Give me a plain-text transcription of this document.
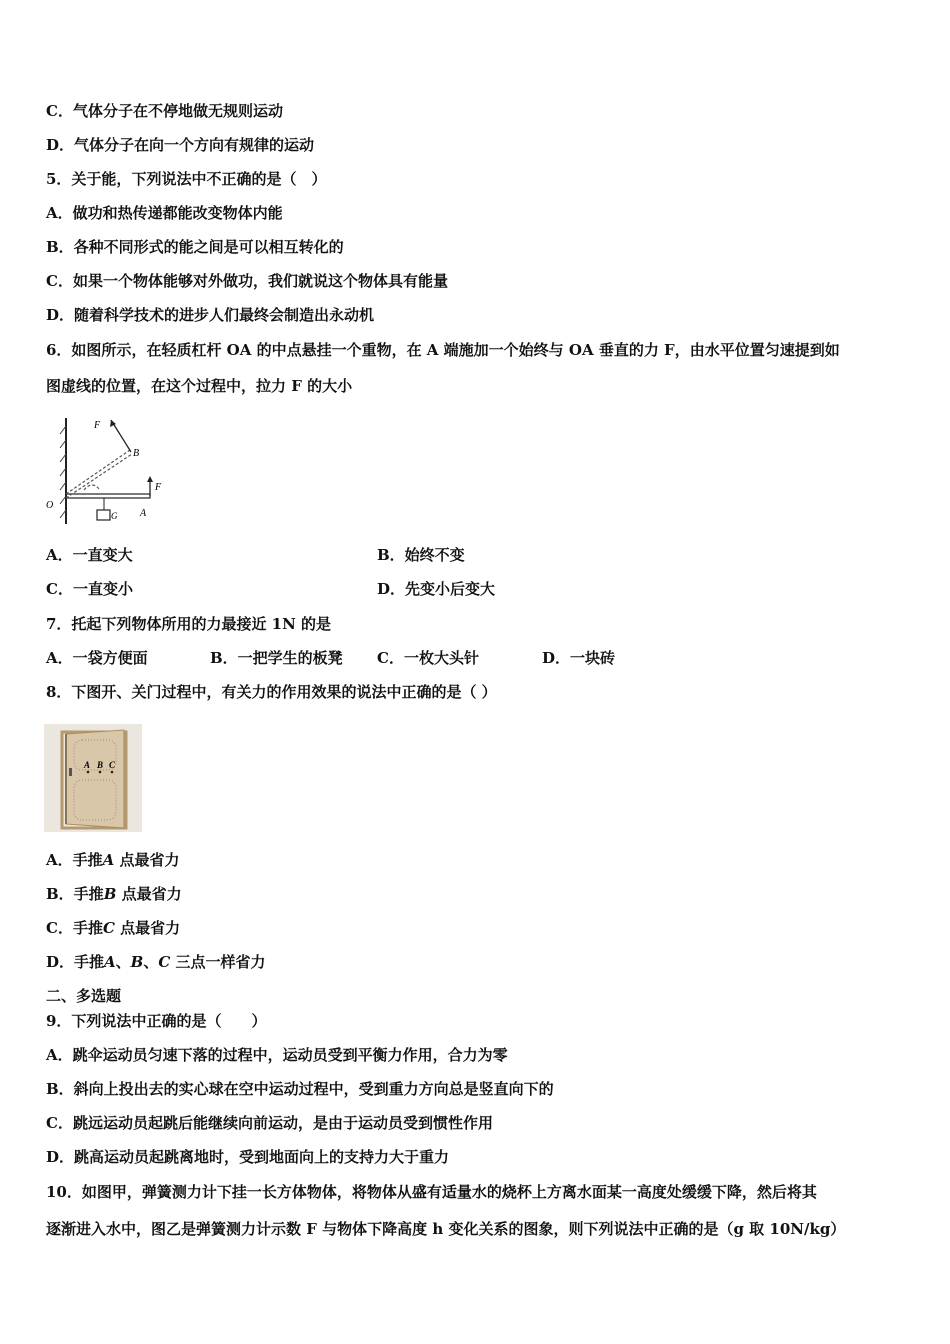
C．气体分子在不停地做无规则运动
D．气体分子在向一个方向有规律的运动
5．关于能，下列说法中不正确的是（　）
A．做功和热传递都能改变物体内能
B．各种不同形式的能之间是可以相互转化的
C．如果一个物体能够对外做功，我们就说这个物体具有能量
D．随着科学技术的进步人们最终会制造出永动机
6．如图所示，在轻质杠杆 OA 的中点悬挂一个重物，在 A 端施加一个始终与 OA 垂直的力 F，由水平位置匀速提到如
图虚线的位置，在这个过程中，拉力 F 的大小
F
B
F
O
G A
A．一直变大	B．始终不变
C．一直变小	D．先变小后变大
7．托起下列物体所用的力最接近 1N 的是
A．一袋方便面	B．一把学生的板凳 C．一枚大头针	D．一块砖
8．下图开、关门过程中，有关力的作用效果的说法中正确的是（ ）
A B C
A．手推A 点最省力
B．手推B 点最省力
C．手推C 点最省力
D．手推A、B、C 三点一样省力
二、多选题
9．下列说法中正确的是（　　）
A．跳伞运动员匀速下落的过程中，运动员受到平衡力作用，合力为零
B．斜向上投出去的实心球在空中运动过程中，受到重力方向总是竖直向下的
C．跳远运动员起跳后能继续向前运动，是由于运动员受到惯性作用
D．跳高运动员起跳离地时，受到地面向上的支持力大于重力
10．如图甲，弹簧测力计下挂一长方体物体，将物体从盛有适量水的烧杯上方离水面某一高度处缓缓下降，然后将其
逐渐进入水中，图乙是弹簧测力计示数 F 与物体下降高度 h 变化关系的图象，则下列说法中正确的是（g 取 10N/kg）
